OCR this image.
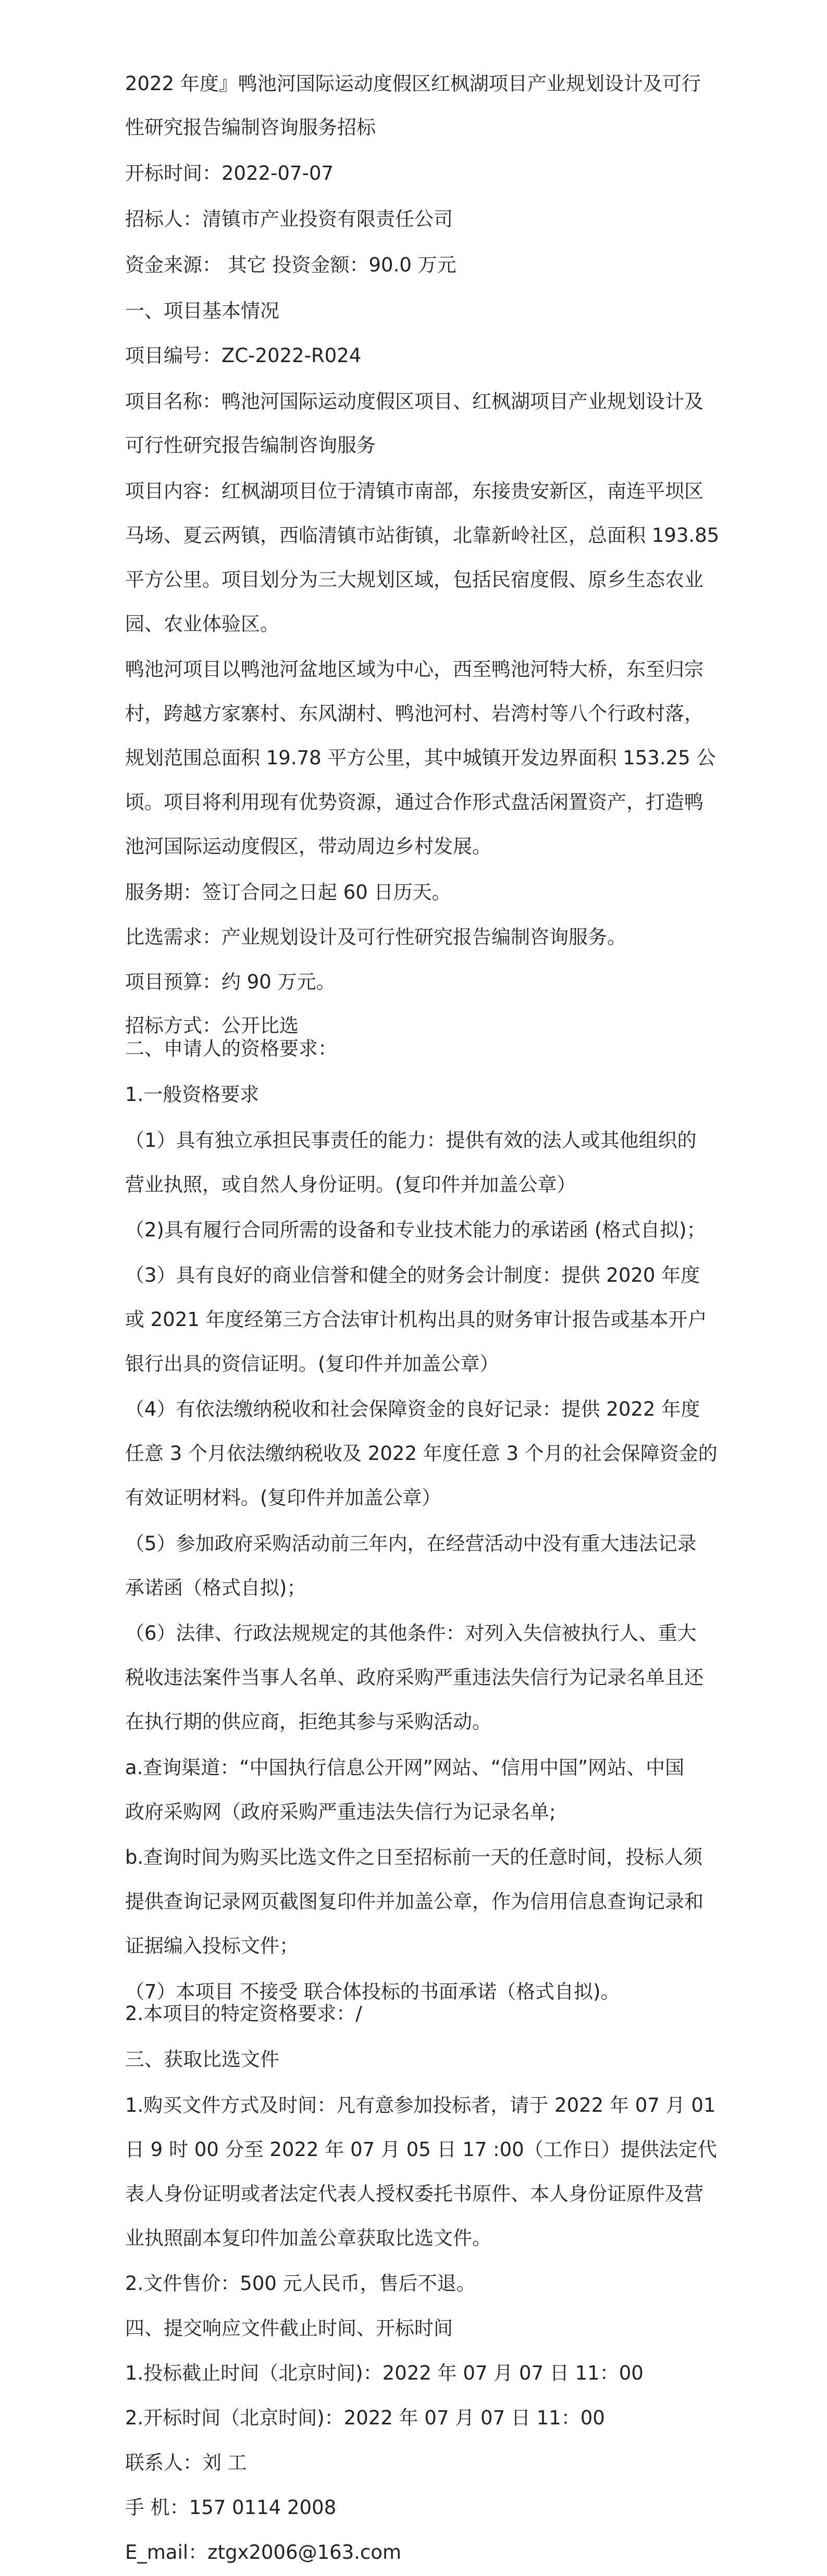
2022 年度』鸭池河国际运动度假区红枫湖项目产业规划设计及可行

性研究报告编制咨询服务招标

开标时间：2022-07-07

招标人：清镇市产业投资有限责任公司

资金来源： 其它 投资金额：90.0 万元

一、项目基本情况

项目编号：ZC-2022-R024

项目名称：鸭池河国际运动度假区项目、红枫湖项目产业规划设计及

可行性研究报告编制咨询服务

项目内容：红枫湖项目位于清镇市南部，东接贵安新区，南连平坝区

马场、夏云两镇，西临清镇市站街镇，北靠新岭社区，总面积 193.85

平方公里。项目划分为三大规划区域，包括民宿度假、原乡生态农业

园、农业体验区。

鸭池河项目以鸭池河盆地区域为中心，西至鸭池河特大桥，东至归宗

村，跨越方家寨村、东风湖村、鸭池河村、岩湾村等八个行政村落，

规划范围总面积 19.78 平方公里，其中城镇开发边界面积 153.25 公

顷。项目将利用现有优势资源，通过合作形式盘活闲置资产，打造鸭

池河国际运动度假区，带动周边乡村发展。

服务期：签订合同之日起 60 日历天。

比选需求：产业规划设计及可行性研究报告编制咨询服务。

项目预算：约 90 万元。

招标方式：公开比选

二、申请人的资格要求：

1.一般资格要求

（1）具有独立承担民事责任的能力：提供有效的法人或其他组织的

营业执照，或自然人身份证明。(复印件并加盖公章）

（2)具有履行合同所需的设备和专业技术能力的承诺函 (格式自拟)；

（3）具有良好的商业信誉和健全的财务会计制度：提供 2020 年度

或 2021 年度经第三方合法审计机构出具的财务审计报告或基本开户

银行出具的资信证明。(复印件并加盖公章）

（4）有依法缴纳税收和社会保障资金的良好记录：提供 2022 年度

任意 3 个月依法缴纳税收及 2022 年度任意 3 个月的社会保障资金的

有效证明材料。(复印件并加盖公章）

（5）参加政府采购活动前三年内，在经营活动中没有重大违法记录

承诺函（格式自拟)；

（6）法律、行政法规规定的其他条件：对列入失信被执行人、重大

税收违法案件当事人名单、政府采购严重违法失信行为记录名单且还

在执行期的供应商，拒绝其参与采购活动。

a.查询渠道：“中国执行信息公开网”网站、“信用中国”网站、中国

政府采购网（政府采购严重违法失信行为记录名单;

b.查询时间为购买比选文件之日至招标前一天的任意时间，投标人须

提供查询记录网页截图复印件并加盖公章，作为信用信息查询记录和

证据编入投标文件；

（7）本项目 不接受 联合体投标的书面承诺（格式自拟)。

2.本项目的特定资格要求：/

三、获取比选文件

1.购买文件方式及时间：凡有意参加投标者，请于 2022 年 07 月 01

日 9 时 00 分至 2022 年 07 月 05 日 17 :00（工作日）提供法定代

表人身份证明或者法定代表人授权委托书原件、本人身份证原件及营

业执照副本复印件加盖公章获取比选文件。

2.文件售价：500 元人民币，售后不退。

四、提交响应文件截止时间、开标时间

1.投标截止时间（北京时间)：2022 年 07 月 07 日 11：00

2.开标时间（北京时间)：2022 年 07 月 07 日 11：00

联系人：刘 工

手 机：157 0114 2008

E_mail：ztgx2006@163.com
